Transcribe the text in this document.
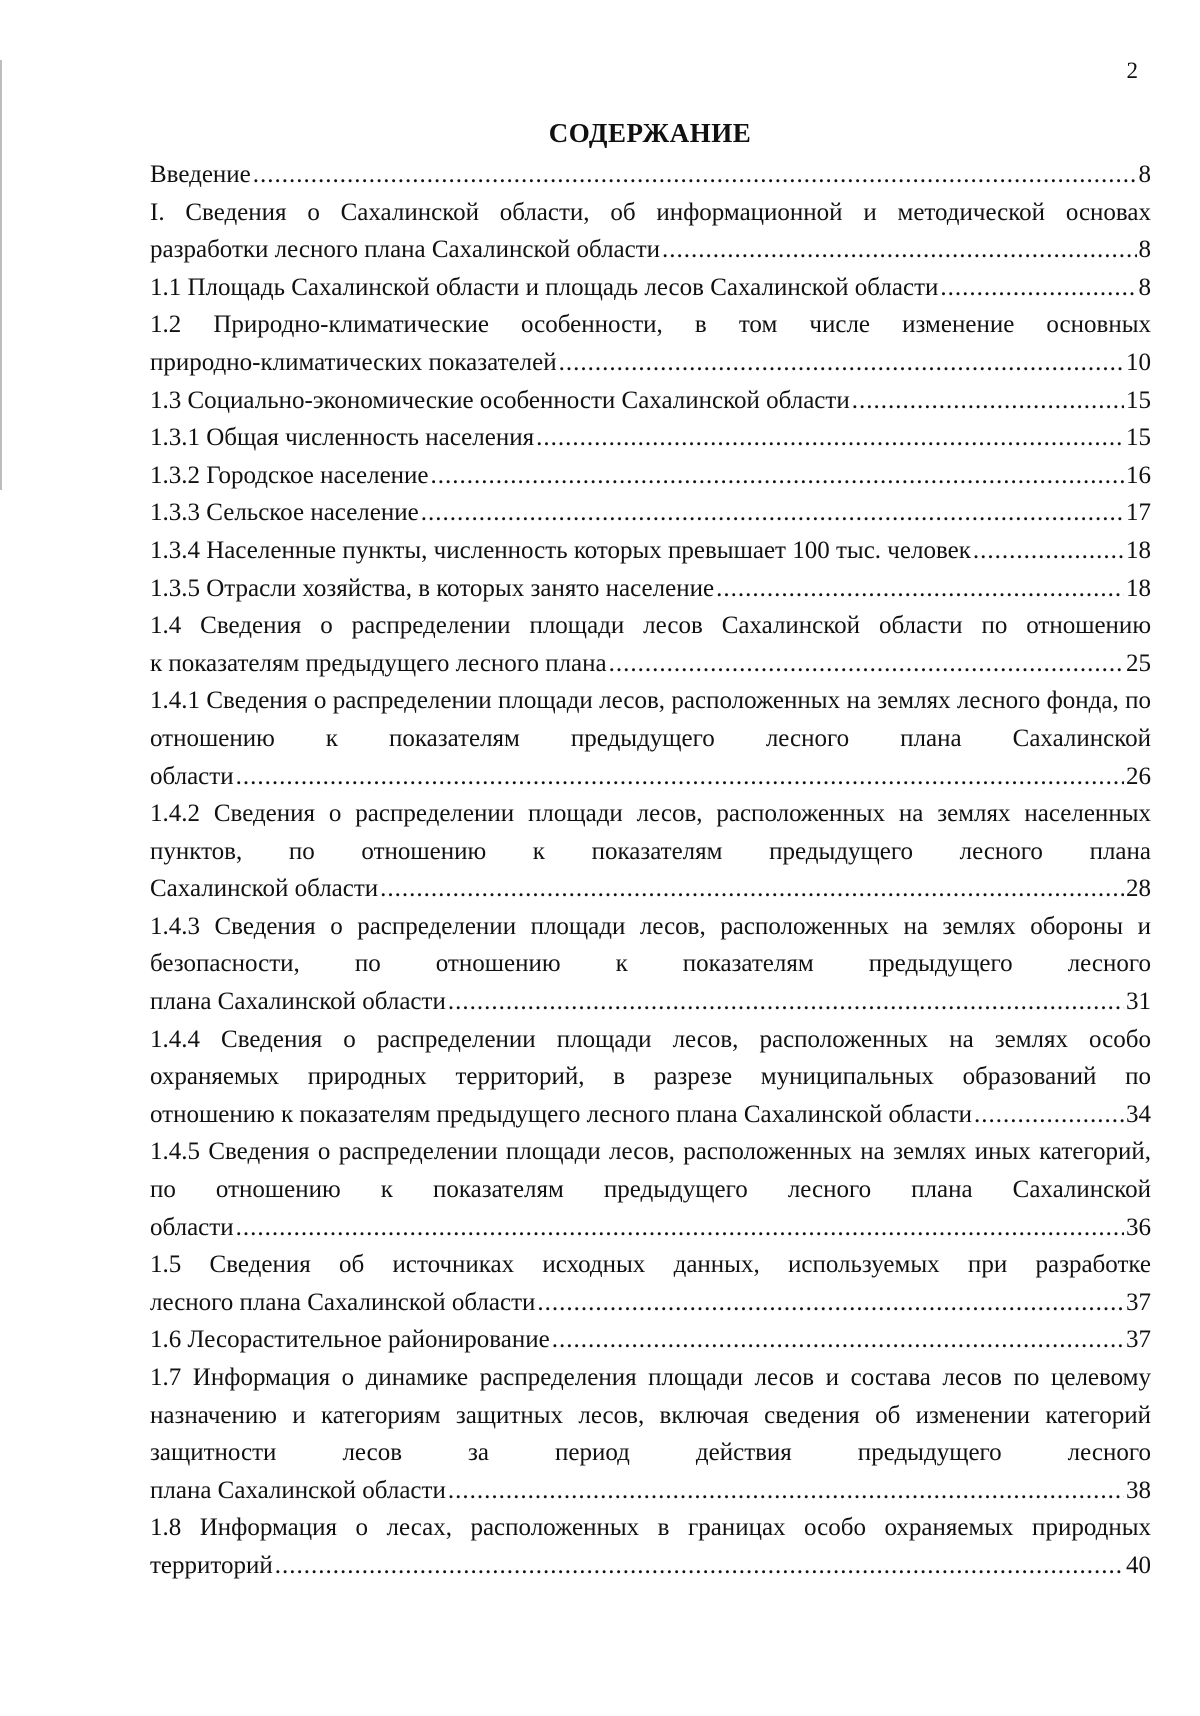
2
СОДЕРЖАНИЕ
Введение .....	8
I. Сведения о Сахалинской области, об информационной и методической основах
разработки лесного плана Сахалинской области .....	8
1.1 Площадь Сахалинской области и площадь лесов Сахалинской области .....	8
1.2 Природно-климатические особенности, в том числе изменение основных
природно-климатических показателей .....	10
1.3 Социально-экономические особенности Сахалинской области .....	15
1.3.1 Общая численность населения .....	15
1.3.2 Городское население .....	16
1.3.3 Сельское население .....	17
1.3.4 Населенные пункты, численность которых превышает 100 тыс. человек .....	18
1.3.5 Отрасли хозяйства, в которых занято население .....	18
1.4 Сведения о распределении площади лесов Сахалинской области по отношению
к показателям предыдущего лесного плана .....	25
1.4.1 Сведения о распределении площади лесов, расположенных на землях лесного фонда, по отношению к показателям предыдущего лесного плана Сахалинской
области .....	26
1.4.2 Сведения о распределении площади лесов, расположенных на землях населенных пунктов, по отношению к показателям предыдущего лесного плана
Сахалинской области .....	28
1.4.3 Сведения о распределении площади лесов, расположенных на землях обороны и безопасности, по отношению к показателям предыдущего лесного
плана Сахалинской области .....	31
1.4.4 Сведения о распределении площади лесов, расположенных на землях особо охраняемых природных территорий, в разрезе муниципальных образований по
отношению к показателям предыдущего лесного плана Сахалинской области .....	34
1.4.5 Сведения о распределении площади лесов, расположенных на землях иных категорий, по отношению к показателям предыдущего лесного плана Сахалинской
области .....	36
1.5 Сведения об источниках исходных данных, используемых при разработке
лесного плана Сахалинской области .....	37
1.6 Лесорастительное районирование .....	37
1.7 Информация о динамике распределения площади лесов и состава лесов по целевому назначению и категориям защитных лесов, включая сведения об изменении категорий защитности лесов за период действия предыдущего лесного
плана Сахалинской области .....	38
1.8 Информация о лесах, расположенных в границах особо охраняемых природных
территорий .....	40
